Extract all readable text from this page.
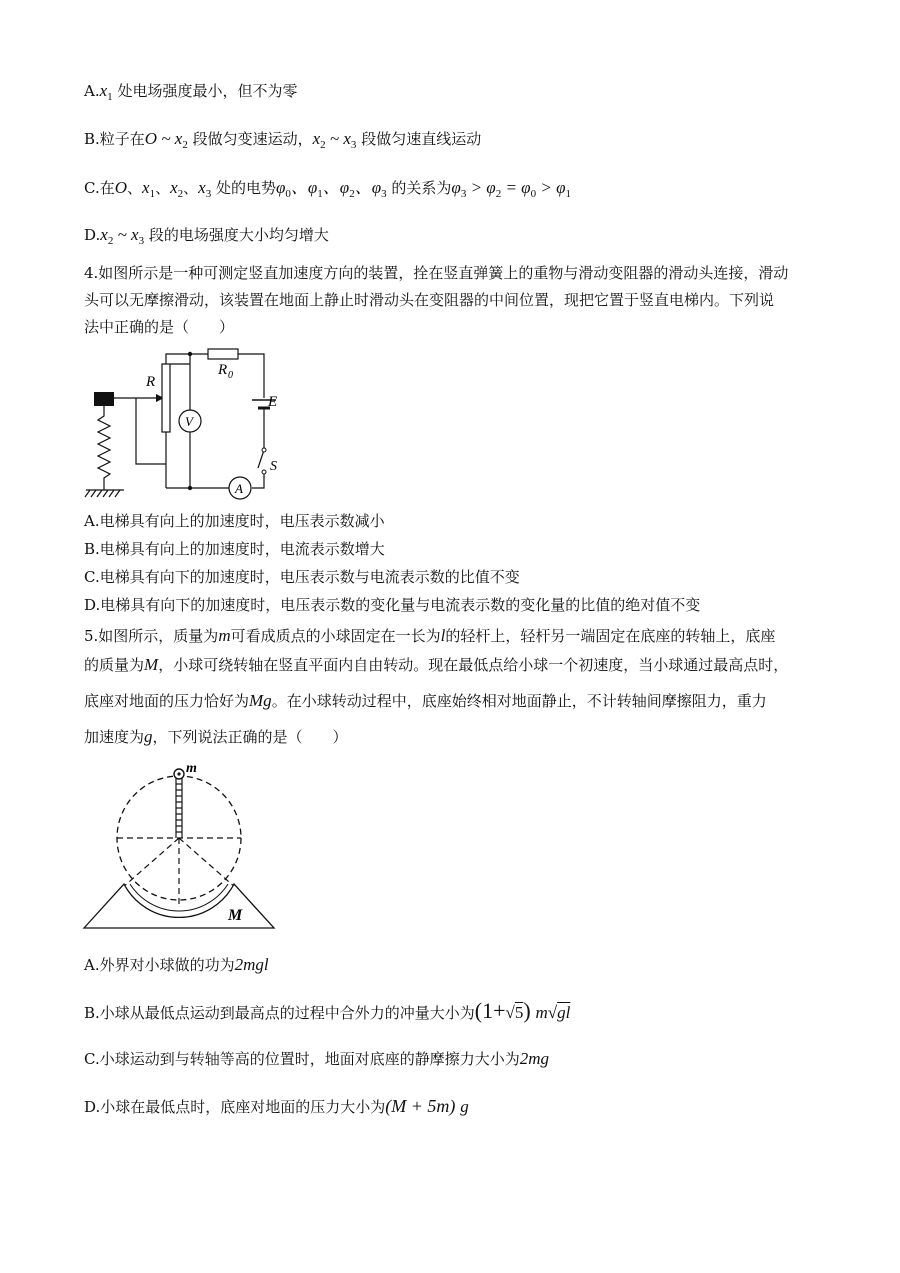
$A.x_1$ 处电场强度最小，但不为零
B.粒子在O ~ $x_2$ 段做匀变速运动，$x_2$ ~ $x_3$ 段做匀速直线运动
C.在O、$x_1$、$x_2$、$x_3$ 处的电势$\varphi_0$、$\varphi_1$、$\varphi_2$、$\varphi_3$ 的关系为$\varphi_3 > \varphi_2 = \varphi_0 > \varphi_1$
$D.x_2$ ~ $x_3$ 段的电场强度大小均匀增大
4.如图所示是一种可测定竖直加速度方向的装置，拴在竖直弹簧上的重物与滑动变阻器的滑动头连接，滑动
头可以无摩擦滑动，该装置在地面上静止时滑动头在变阻器的中间位置，现把它置于竖直电梯内。下列说
法中正确的是（　　）
R
R 0
E
S
A
V
A.电梯具有向上的加速度时，电压表示数减小
B.电梯具有向上的加速度时，电流表示数增大
C.电梯具有向下的加速度时，电压表示数与电流表示数的比值不变
D.电梯具有向下的加速度时，电压表示数的变化量与电流表示数的变化量的比值的绝对值不变
5.如图所示，质量为m可看成质点的小球固定在一长为l的轻杆上，轻杆另一端固定在底座的转轴上，底座
的质量为M，小球可绕转轴在竖直平面内自由转动。现在最低点给小球一个初速度，当小球通过最高点时，
底座对地面的压力恰好为Mg。在小球转动过程中，底座始终相对地面静止，不计转轴间摩擦阻力，重力
加速度为g，下列说法正确的是（　　）
m
M
A.外界对小球做的功为2mgl
B.小球从最低点运动到最高点的过程中合外力的冲量大小为(1+√5) m√gl
C.小球运动到与转轴等高的位置时，地面对底座的静摩擦力大小为2mg
D.小球在最低点时，底座对地面的压力大小为(M + 5m) g
